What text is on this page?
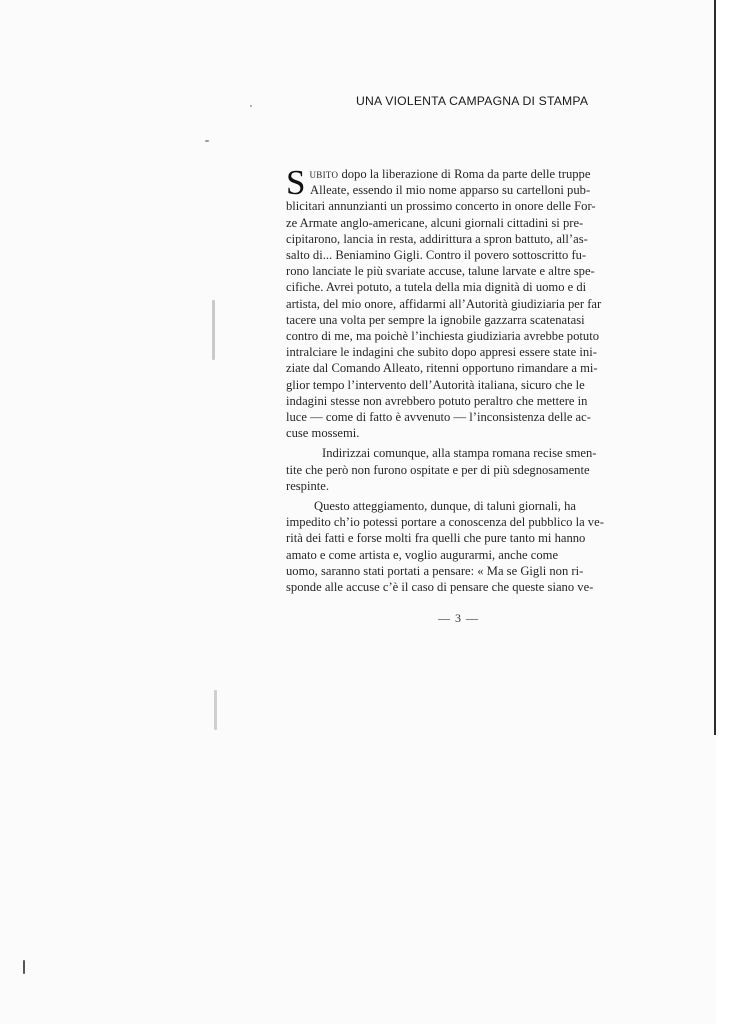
UNA VIOLENTA CAMPAGNA DI STAMPA
S ubito dopo la liberazione di Roma da parte delle truppe
Alleate, essendo il mio nome apparso su cartelloni pub-
blicitari annunzianti un prossimo concerto in onore delle For-
ze Armate anglo-americane, alcuni giornali cittadini si pre-
cipitarono, lancia in resta, addirittura a spron battuto, all’as-
salto di... Beniamino Gigli. Contro il povero sottoscritto fu-
rono lanciate le più svariate accuse, talune larvate e altre spe-
cifiche. Avrei potuto, a tutela della mia dignità di uomo e di
artista, del mio onore, affidarmi all’Autorità giudiziaria per far
tacere una volta per sempre la ignobile gazzarra scatenatasi
contro di me, ma poichè l’inchiesta giudiziaria avrebbe potuto
intralciare le indagini che subito dopo appresi essere state ini-
ziate dal Comando Alleato, ritenni opportuno rimandare a mi-
glior tempo l’intervento dell’Autorità italiana, sicuro che le
indagini stesse non avrebbero potuto peraltro che mettere in
luce — come di fatto è avvenuto — l’inconsistenza delle ac-
cuse mossemi.
Indirizzai comunque, alla stampa romana recise smen-
tite che però non furono ospitate e per di più sdegnosamente
respinte.
Questo atteggiamento, dunque, di taluni giornali, ha
impedito ch’io potessi portare a conoscenza del pubblico la ve-
rità dei fatti e forse molti fra quelli che pure tanto mi hanno
amato e come artista e, voglio augurarmi, anche come
uomo, saranno stati portati a pensare: « Ma se Gigli non ri-
sponde alle accuse c’è il caso di pensare che queste siano ve-
— 3 —
